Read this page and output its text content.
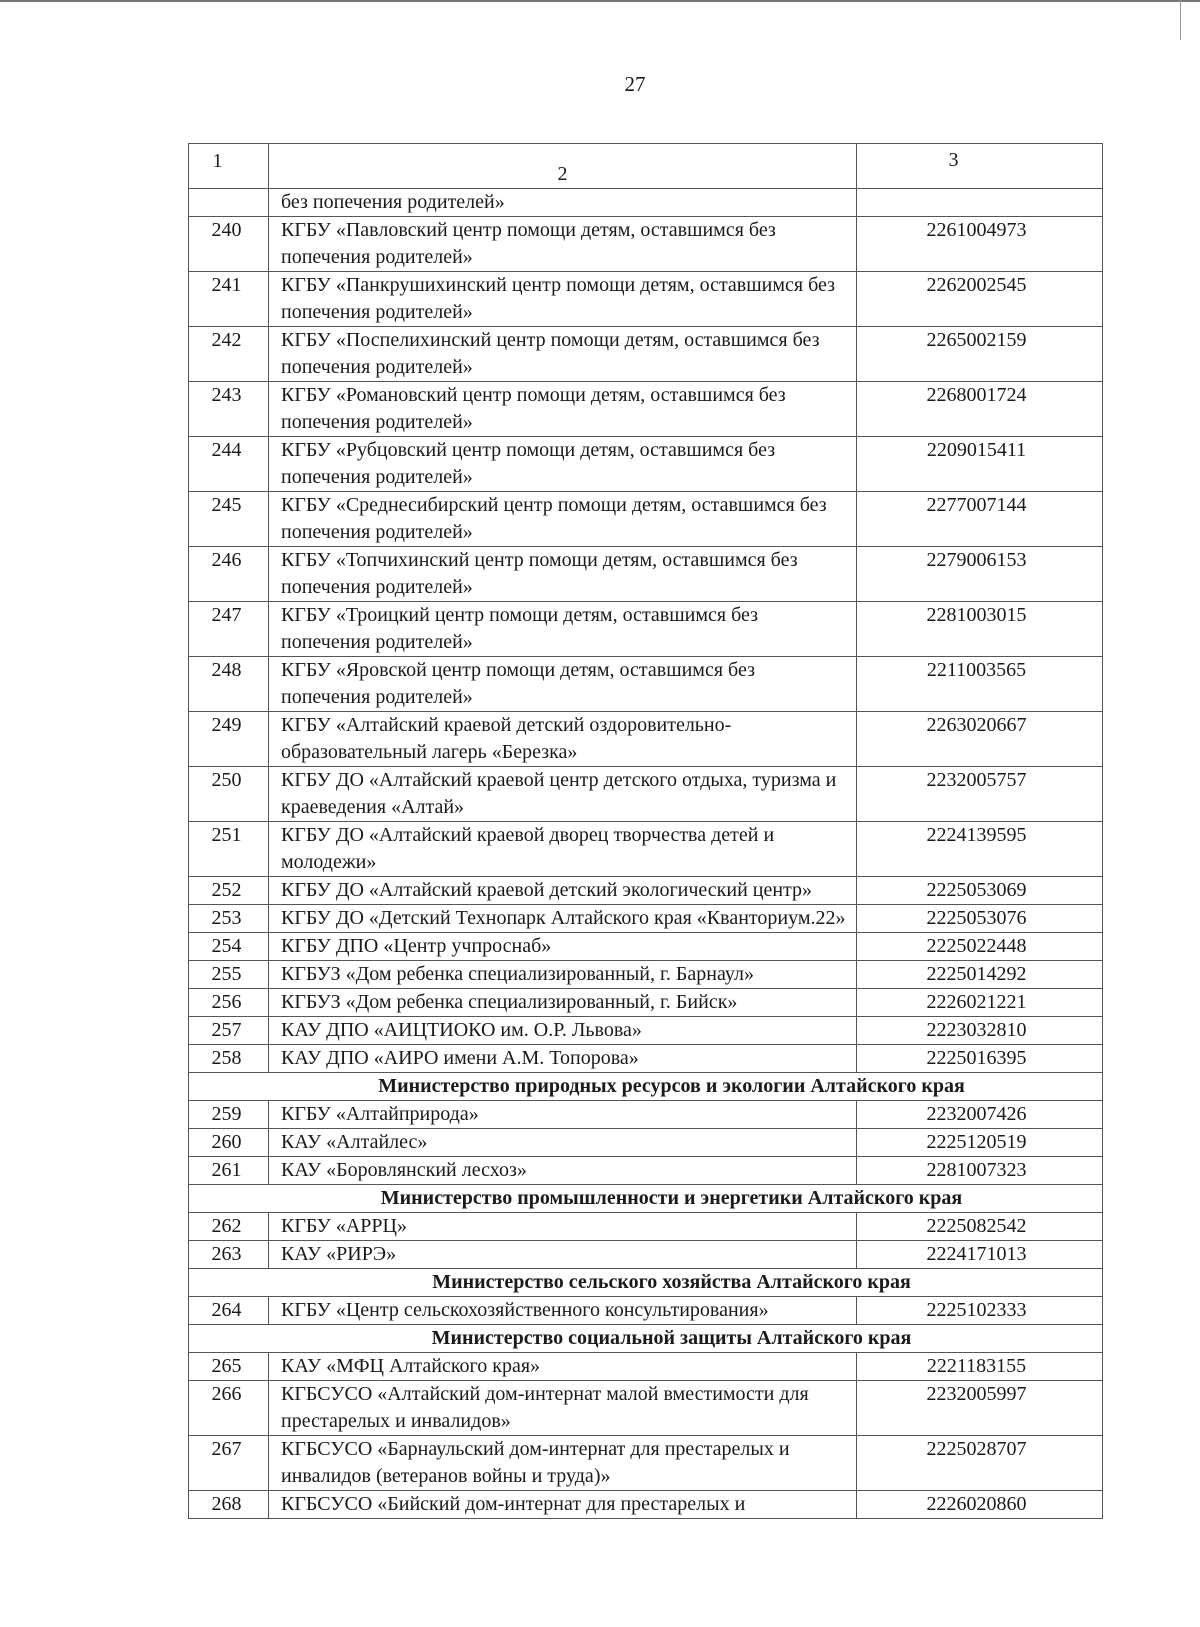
27
1	2	3
	без попечения родителей»	
240	КГБУ «Павловский центр помощи детям, оставшимся без попечения родителей»	2261004973
241	КГБУ «Панкрушихинский центр помощи детям, оставшимся без попечения родителей»	2262002545
242	КГБУ «Поспелихинский центр помощи детям, оставшимся без попечения родителей»	2265002159
243	КГБУ «Романовский центр помощи детям, оставшимся без попечения родителей»	2268001724
244	КГБУ «Рубцовский центр помощи детям, оставшимся без попечения родителей»	2209015411
245	КГБУ «Среднесибирский центр помощи детям, оставшимся без попечения родителей»	2277007144
246	КГБУ «Топчихинский центр помощи детям, оставшимся без попечения родителей»	2279006153
247	КГБУ «Троицкий центр помощи детям, оставшимся без попечения родителей»	2281003015
248	КГБУ «Яровской центр помощи детям, оставшимся без попечения родителей»	2211003565
249	КГБУ «Алтайский краевой детский оздоровительно-образовательный лагерь «Березка»	2263020667
250	КГБУ ДО «Алтайский краевой центр детского отдыха, туризма и краеведения «Алтай»	2232005757
251	КГБУ ДО «Алтайский краевой дворец творчества детей и молодежи»	2224139595
252	КГБУ ДО «Алтайский краевой детский экологический центр»	2225053069
253	КГБУ ДО «Детский Технопарк Алтайского края «Кванториум.22»	2225053076
254	КГБУ ДПО «Центр учпроснаб»	2225022448
255	КГБУЗ «Дом ребенка специализированный, г. Барнаул»	2225014292
256	КГБУЗ «Дом ребенка специализированный, г. Бийск»	2226021221
257	КАУ ДПО «АИЦТИОКО им. О.Р. Львова»	2223032810
258	КАУ ДПО «АИРО имени А.М. Топорова»	2225016395
Министерство природных ресурсов и экологии Алтайского края		
259	КГБУ «Алтайприрода»	2232007426
260	КАУ «Алтайлес»	2225120519
261	КАУ «Боровлянский лесхоз»	2281007323
Министерство промышленности и энергетики Алтайского края		
262	КГБУ «АРРЦ»	2225082542
263	КАУ «РИРЭ»	2224171013
Министерство сельского хозяйства Алтайского края		
264	КГБУ «Центр сельскохозяйственного консультирования»	2225102333
Министерство социальной защиты Алтайского края		
265	КАУ «МФЦ Алтайского края»	2221183155
266	КГБСУСО «Алтайский дом-интернат малой вместимости для престарелых и инвалидов»	2232005997
267	КГБСУСО «Барнаульский дом-интернат для престарелых и инвалидов (ветеранов войны и труда)»	2225028707
268	КГБСУСО «Бийский дом-интернат для престарелых и	2226020860
